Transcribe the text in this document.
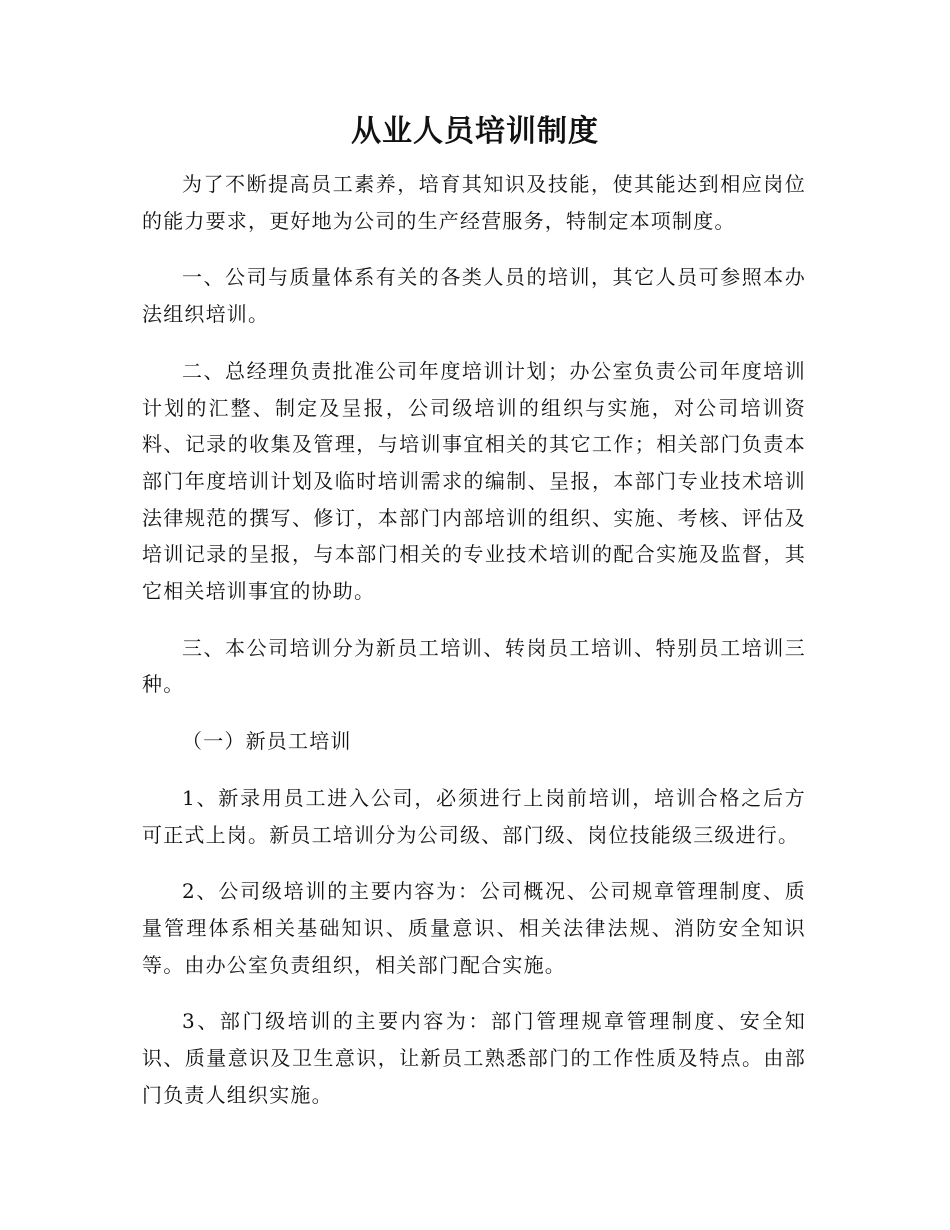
从业人员培训制度

为了不断提高员工素养，培育其知识及技能，使其能达到相应岗位的能力要求，更好地为公司的生产经营服务，特制定本项制度。

一、公司与质量体系有关的各类人员的培训，其它人员可参照本办法组织培训。

二、总经理负责批准公司年度培训计划；办公室负责公司年度培训计划的汇整、制定及呈报，公司级培训的组织与实施，对公司培训资料、记录的收集及管理，与培训事宜相关的其它工作；相关部门负责本部门年度培训计划及临时培训需求的编制、呈报，本部门专业技术培训法律规范的撰写、修订，本部门内部培训的组织、实施、考核、评估及培训记录的呈报，与本部门相关的专业技术培训的配合实施及监督，其它相关培训事宜的协助。

三、本公司培训分为新员工培训、转岗员工培训、特别员工培训三种。

（一）新员工培训

1、新录用员工进入公司，必须进行上岗前培训，培训合格之后方可正式上岗。新员工培训分为公司级、部门级、岗位技能级三级进行。

2、公司级培训的主要内容为：公司概况、公司规章管理制度、质量管理体系相关基础知识、质量意识、相关法律法规、消防安全知识等。由办公室负责组织，相关部门配合实施。

3、部门级培训的主要内容为：部门管理规章管理制度、安全知识、质量意识及卫生意识，让新员工熟悉部门的工作性质及特点。由部门负责人组织实施。
